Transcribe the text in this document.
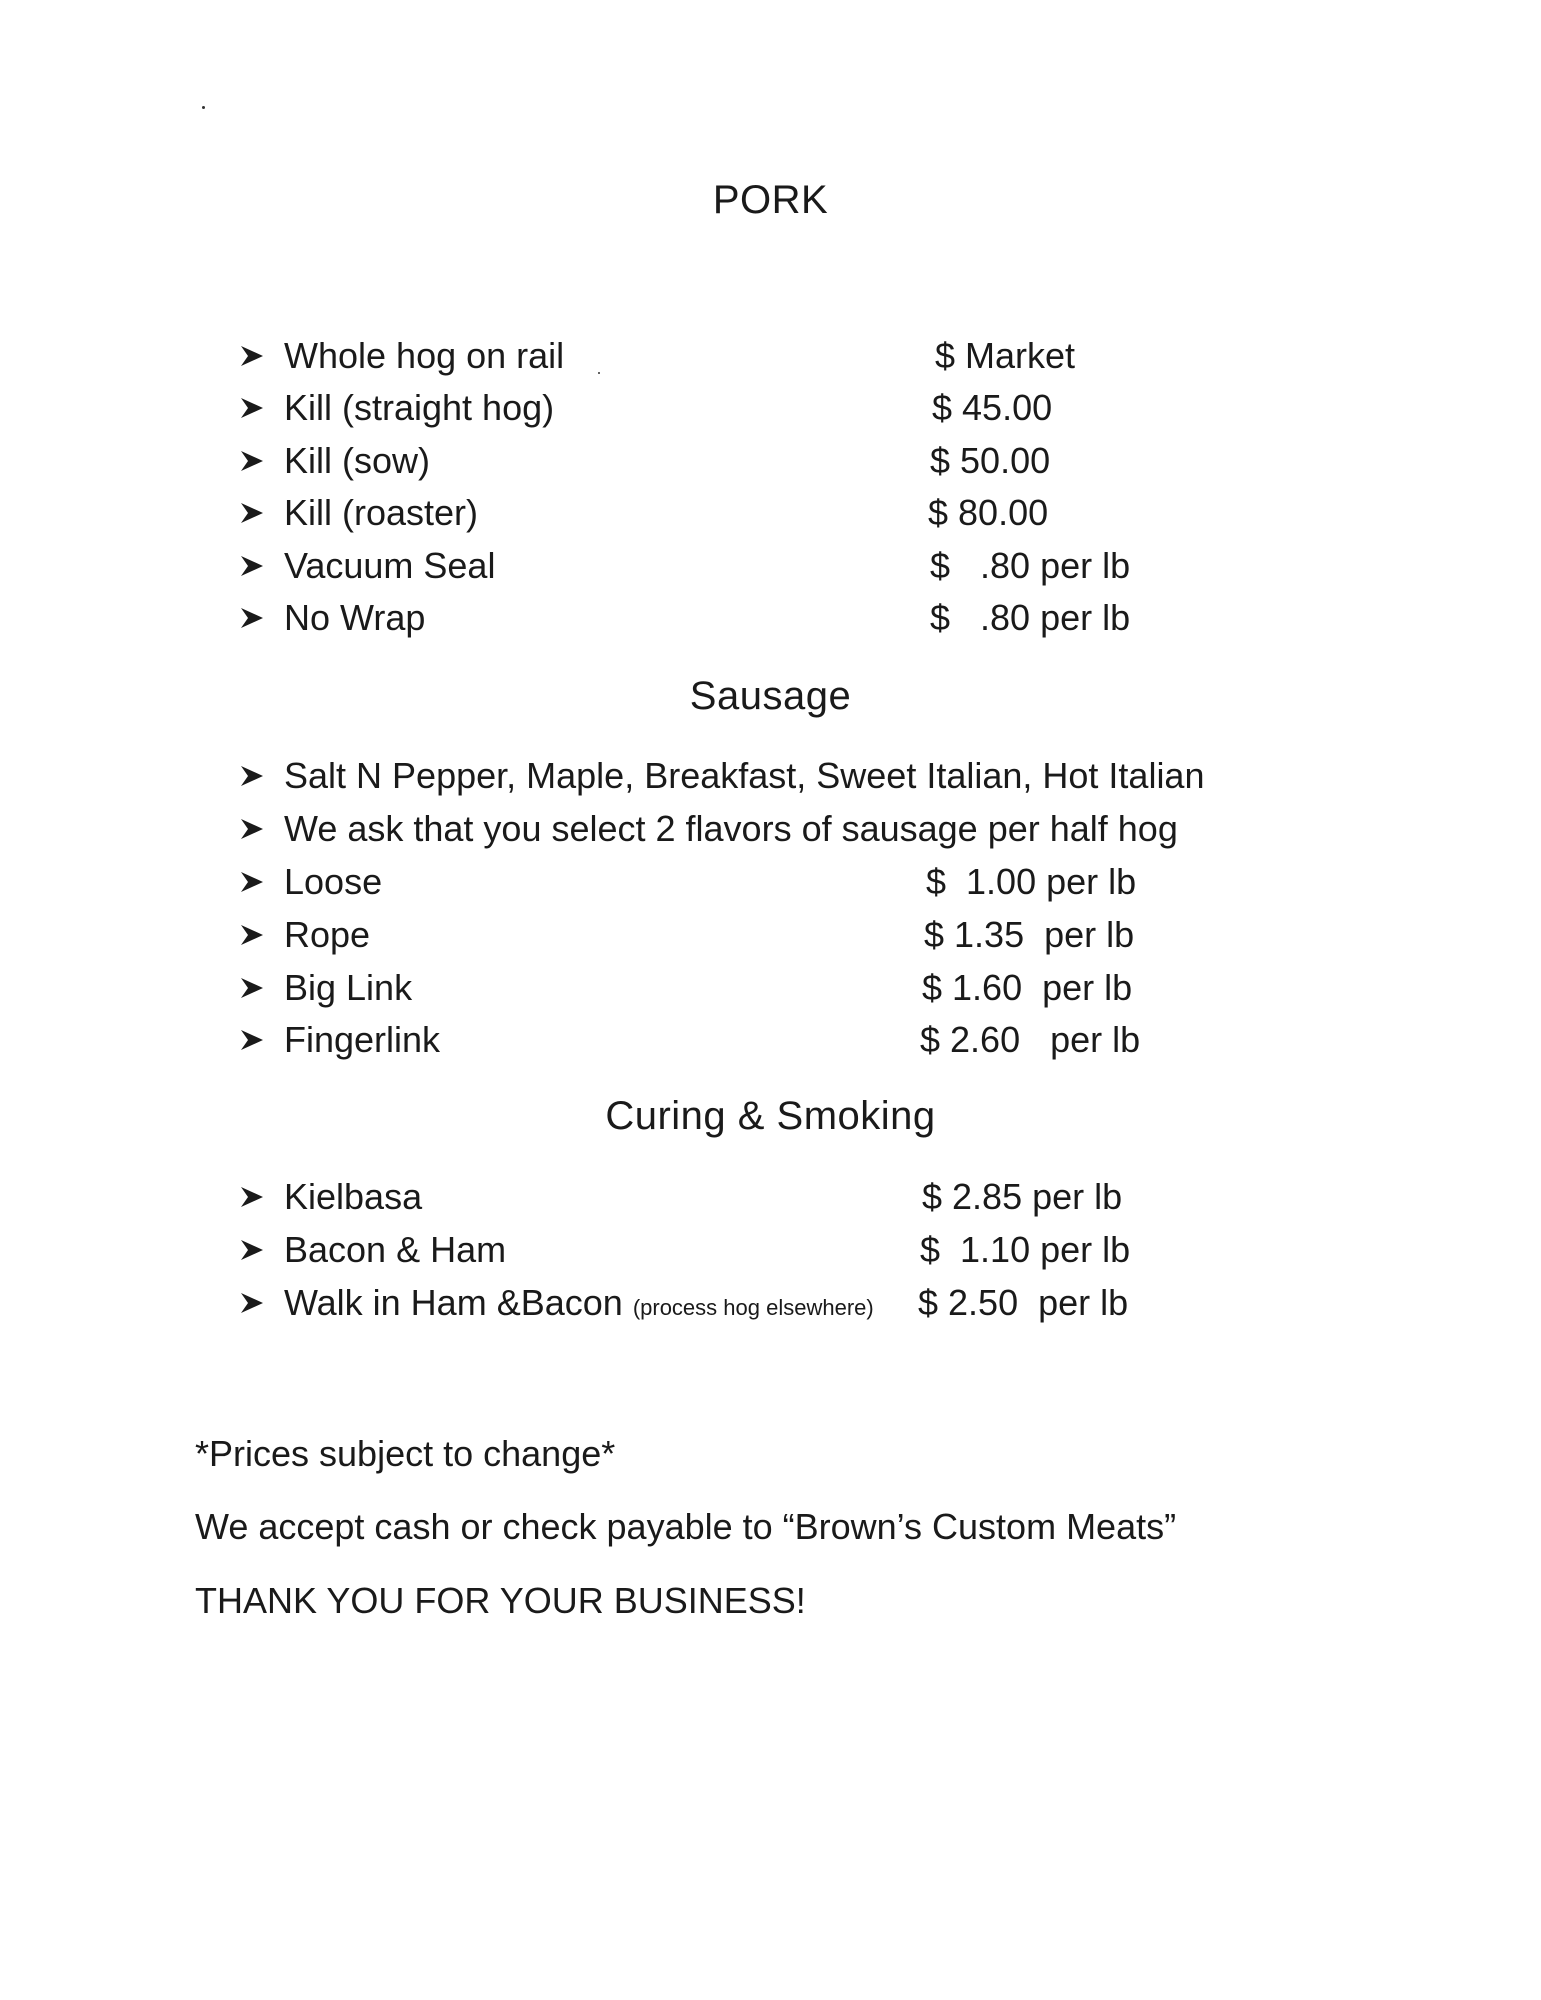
PORK
Whole hog on rail	$ Market
Kill (straight hog)	$ 45.00
Kill (sow)	$ 50.00
Kill (roaster)	$ 80.00
Vacuum Seal	$   .80 per lb
No Wrap	$   .80 per lb
Sausage
Salt N Pepper, Maple, Breakfast, Sweet Italian, Hot Italian
We ask that you select 2 flavors of sausage per half hog
Loose	$  1.00 per lb
Rope	$ 1.35  per lb
Big Link	$ 1.60  per lb
Fingerlink	$ 2.60   per lb
Curing & Smoking
Kielbasa	$ 2.85 per lb
Bacon & Ham	$  1.10 per lb
Walk in Ham &Bacon (process hog elsewhere) $ 2.50  per lb
*Prices subject to change*
We accept cash or check payable to “Brown’s Custom Meats”
THANK YOU FOR YOUR BUSINESS!
